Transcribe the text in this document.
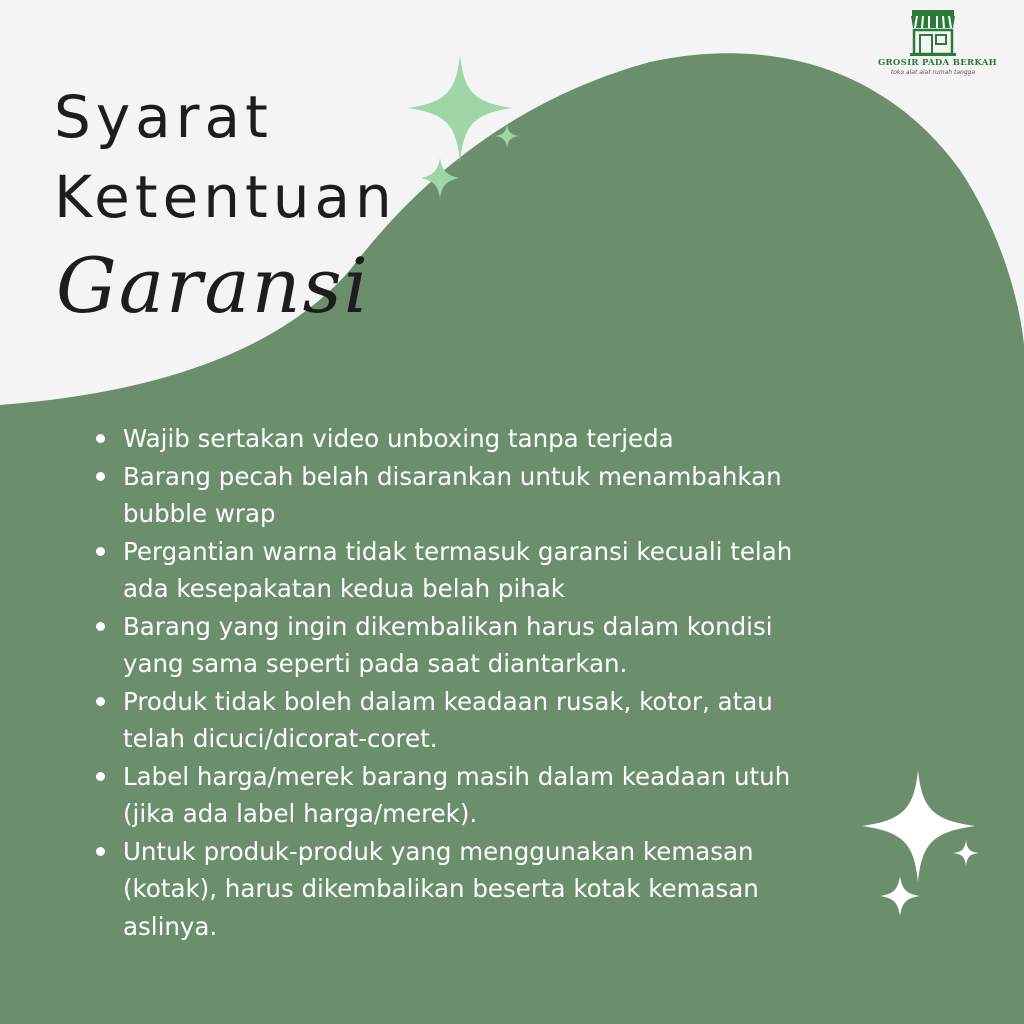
GROSIR PADA BERKAH
toko alat alat rumah tangga
Syarat
Ketentuan
Garansi
Wajib sertakan video unboxing tanpa terjeda
Barang pecah belah disarankan untuk menambahkan bubble wrap
Pergantian warna tidak termasuk garansi kecuali telah ada kesepakatan kedua belah pihak
Barang yang ingin dikembalikan harus dalam kondisi yang sama seperti pada saat diantarkan.
Produk tidak boleh dalam keadaan rusak, kotor, atau telah dicuci/dicorat-coret.
Label harga/merek barang masih dalam keadaan utuh (jika ada label harga/merek).
Untuk produk-produk yang menggunakan kemasan (kotak), harus dikembalikan beserta kotak kemasan aslinya.
